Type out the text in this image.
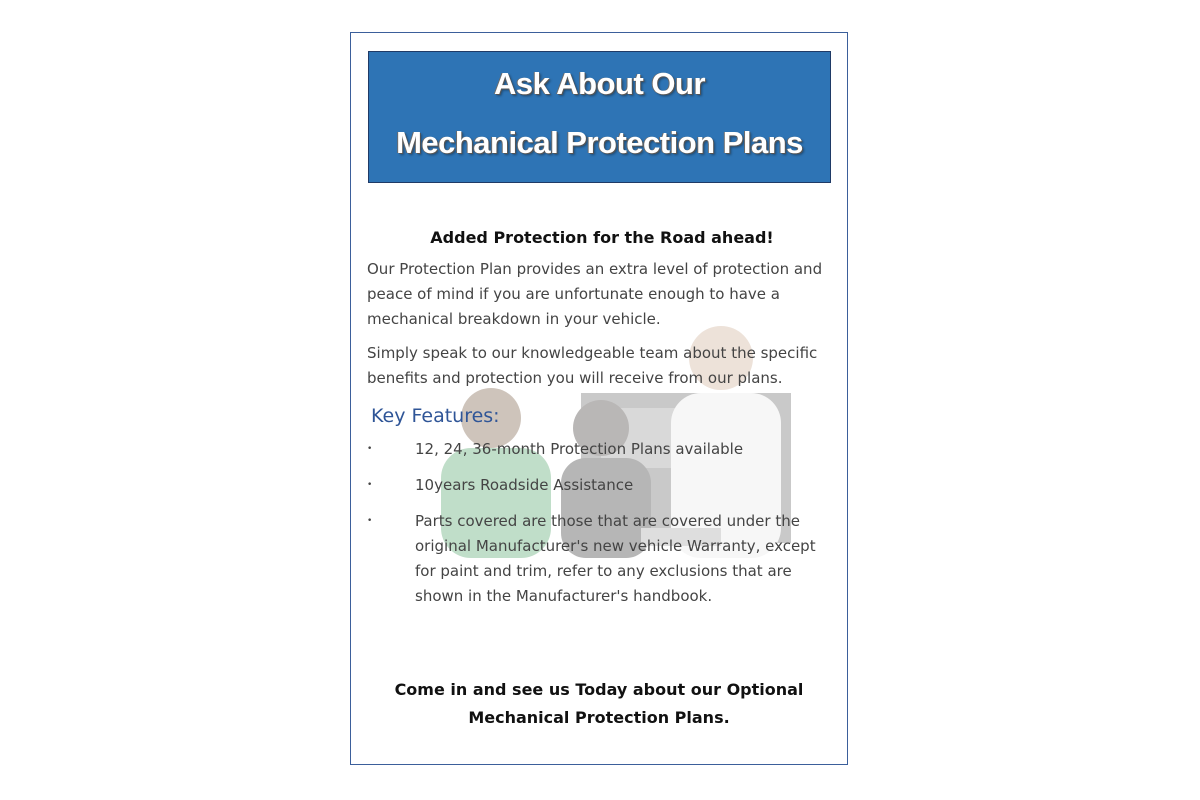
Ask About Our
Mechanical Protection Plans
Added Protection for the Road ahead!

Our Protection Plan provides an extra level of protection and peace of mind if you are unfortunate enough to have a mechanical breakdown in your vehicle.

Simply speak to our knowledgeable team about the specific benefits and protection you will receive from our plans.

Key Features:
•	12, 24, 36-month Protection Plans available
•	10years Roadside Assistance
•	Parts covered are those that are covered under the original Manufacturer's new vehicle Warranty, except for paint and trim, refer to any exclusions that are shown in the Manufacturer's handbook.
Come in and see us Today about our Optional
Mechanical Protection Plans.
